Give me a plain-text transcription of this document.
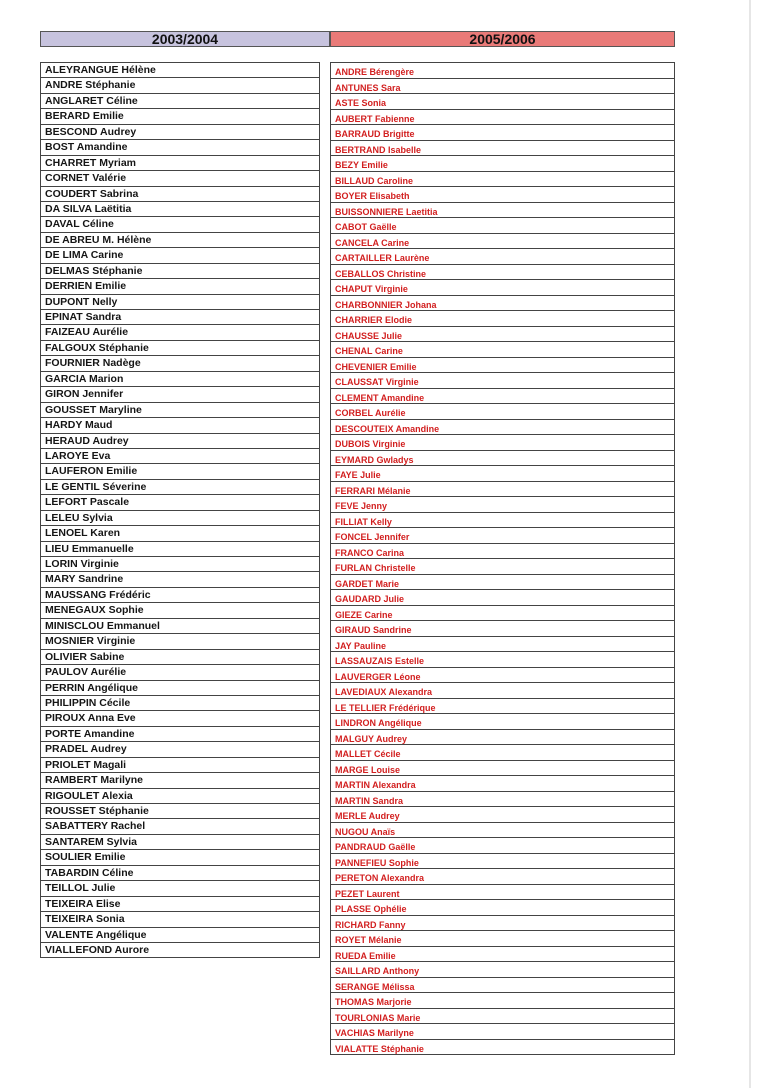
2003/2004	2005/2006
ALEYRANGUE Hélène
ANDRE Stéphanie
ANGLARET Céline
BERARD Emilie
BESCOND Audrey
BOST Amandine
CHARRET Myriam
CORNET Valérie
COUDERT Sabrina
DA SILVA Laëtitia
DAVAL Céline
DE ABREU M. Hélène
DE LIMA Carine
DELMAS Stéphanie
DERRIEN Emilie
DUPONT Nelly
EPINAT Sandra
FAIZEAU Aurélie
FALGOUX Stéphanie
FOURNIER Nadège
GARCIA Marion
GIRON Jennifer
GOUSSET Maryline
HARDY Maud
HERAUD Audrey
LAROYE Eva
LAUFERON Emilie
LE GENTIL Séverine
LEFORT Pascale
LELEU Sylvia
LENOEL Karen
LIEU Emmanuelle
LORIN Virginie
MARY Sandrine
MAUSSANG Frédéric
MENEGAUX Sophie
MINISCLOU Emmanuel
MOSNIER Virginie
OLIVIER Sabine
PAULOV Aurélie
PERRIN Angélique
PHILIPPIN Cécile
PIROUX Anna Eve
PORTE Amandine
PRADEL Audrey
PRIOLET Magali
RAMBERT Marilyne
RIGOULET Alexia
ROUSSET Stéphanie
SABATTERY Rachel
SANTAREM Sylvia
SOULIER Emilie
TABARDIN Céline
TEILLOL Julie
TEIXEIRA Elise
TEIXEIRA Sonia
VALENTE Angélique
VIALLEFOND Aurore
ANDRE Bérengère
ANTUNES Sara
ASTE Sonia
AUBERT Fabienne
BARRAUD Brigitte
BERTRAND Isabelle
BEZY Emilie
BILLAUD Caroline
BOYER Elisabeth
BUISSONNIERE Laetitia
CABOT Gaëlle
CANCELA Carine
CARTAILLER Laurène
CEBALLOS Christine
CHAPUT Virginie
CHARBONNIER Johana
CHARRIER Elodie
CHAUSSE Julie
CHENAL Carine
CHEVENIER Emilie
CLAUSSAT Virginie
CLEMENT Amandine
CORBEL Aurélie
DESCOUTEIX Amandine
DUBOIS Virginie
EYMARD Gwladys
FAYE Julie
FERRARI Mélanie
FEVE Jenny
FILLIAT Kelly
FONCEL Jennifer
FRANCO Carina
FURLAN Christelle
GARDET Marie
GAUDARD Julie
GIEZE Carine
GIRAUD Sandrine
JAY Pauline
LASSAUZAIS Estelle
LAUVERGER Léone
LAVEDIAUX Alexandra
LE TELLIER Frédérique
LINDRON Angélique
MALGUY Audrey
MALLET Cécile
MARGE Louise
MARTIN Alexandra
MARTIN Sandra
MERLE Audrey
NUGOU Anaïs
PANDRAUD Gaëlle
PANNEFIEU Sophie
PERETON Alexandra
PEZET Laurent
PLASSE Ophélie
RICHARD Fanny
ROYET Mélanie
RUEDA Emilie
SAILLARD Anthony
SERANGE Mélissa
THOMAS Marjorie
TOURLONIAS Marie
VACHIAS Marilyne
VIALATTE Stéphanie
